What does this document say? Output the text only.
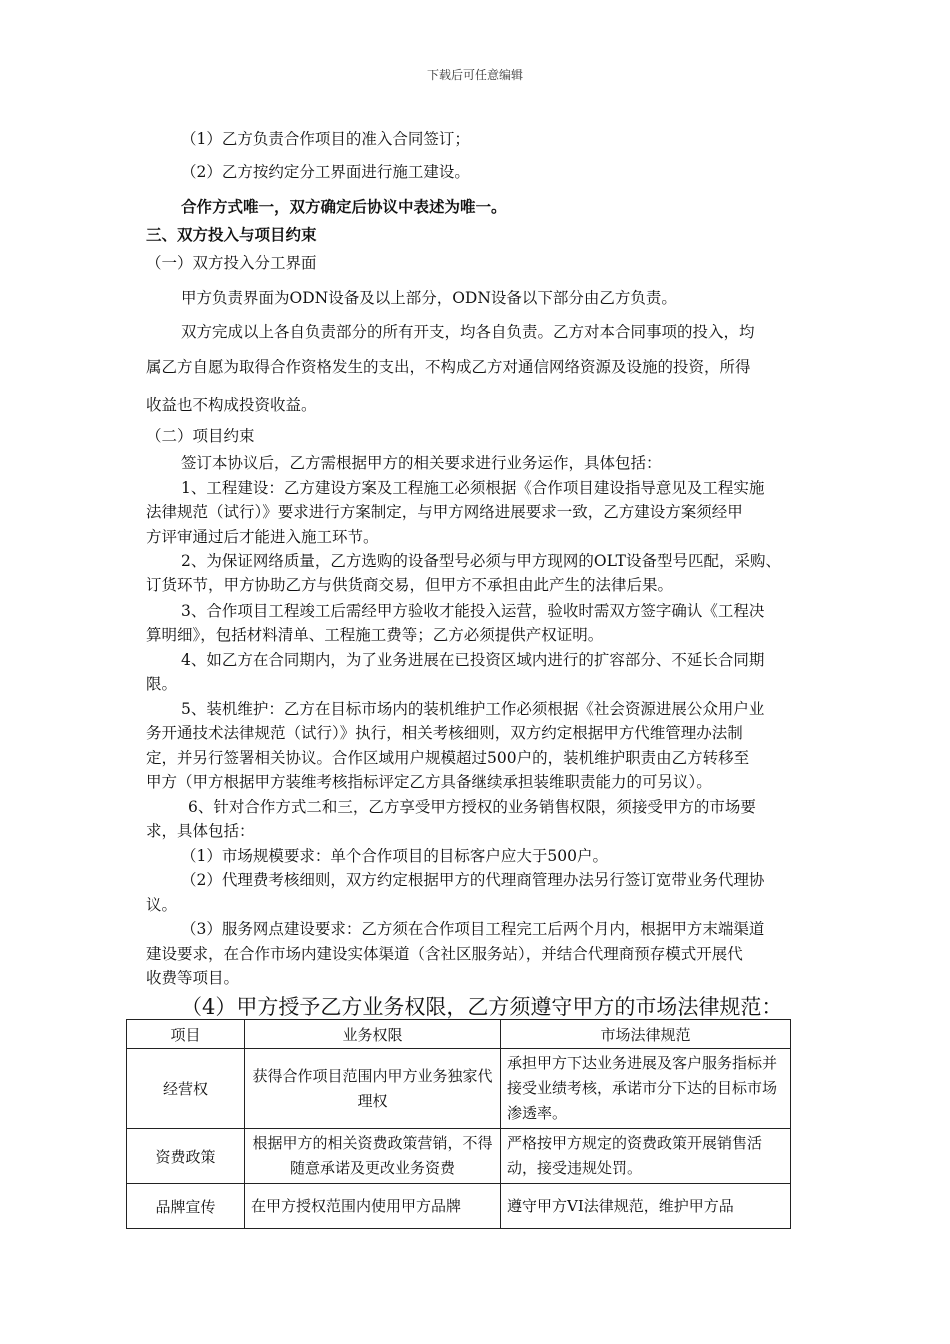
下载后可任意编辑
（1）乙方负责合作项目的准入合同签订；
（2）乙方按约定分工界面进行施工建设。
合作方式唯一，双方确定后协议中表述为唯一。
三、双方投入与项目约束
（一）双方投入分工界面
甲方负责界面为ODN设备及以上部分，ODN设备以下部分由乙方负责。
双方完成以上各自负责部分的所有开支，均各自负责。乙方对本合同事项的投入，均
属乙方自愿为取得合作资格发生的支出，不构成乙方对通信网络资源及设施的投资，所得
收益也不构成投资收益。
（二）项目约束
签订本协议后，乙方需根据甲方的相关要求进行业务运作，具体包括：
1、工程建设：乙方建设方案及工程施工必须根据《合作项目建设指导意见及工程实施
法律规范（试行）》要求进行方案制定，与甲方网络进展要求一致，乙方建设方案须经甲
方评审通过后才能进入施工环节。
2、为保证网络质量，乙方选购的设备型号必须与甲方现网的OLT设备型号匹配，采购、
订货环节，甲方协助乙方与供货商交易，但甲方不承担由此产生的法律后果。
3、合作项目工程竣工后需经甲方验收才能投入运营，验收时需双方签字确认《工程决
算明细》，包括材料清单、工程施工费等；乙方必须提供产权证明。
4、如乙方在合同期内，为了业务进展在已投资区域内进行的扩容部分、不延长合同期
限。
5、装机维护：乙方在目标市场内的装机维护工作必须根据《社会资源进展公众用户业
务开通技术法律规范（试行）》执行，相关考核细则，双方约定根据甲方代维管理办法制
定，并另行签署相关协议。合作区域用户规模超过500户的，装机维护职责由乙方转移至
甲方（甲方根据甲方装维考核指标评定乙方具备继续承担装维职责能力的可另议）。
6、针对合作方式二和三，乙方享受甲方授权的业务销售权限，须接受甲方的市场要
求，具体包括：
（1）市场规模要求：单个合作项目的目标客户应大于500户。
（2）代理费考核细则，双方约定根据甲方的代理商管理办法另行签订宽带业务代理协
议。
（3）服务网点建设要求：乙方须在合作项目工程完工后两个月内，根据甲方末端渠道
建设要求，在合作市场内建设实体渠道（含社区服务站），并结合代理商预存模式开展代
收费等项目。
（4）甲方授予乙方业务权限，乙方须遵守甲方的市场法律规范：
项目	业务权限	市场法律规范
经营权	获得合作项目范围内甲方业务独家代理权	承担甲方下达业务进展及客户服务指标并接受业绩考核，承诺市分下达的目标市场渗透率。
资费政策	根据甲方的相关资费政策营销，不得随意承诺及更改业务资费	严格按甲方规定的资费政策开展销售活动，接受违规处罚。
品牌宣传	在甲方授权范围内使用甲方品牌	遵守甲方VI法律规范，维护甲方品
